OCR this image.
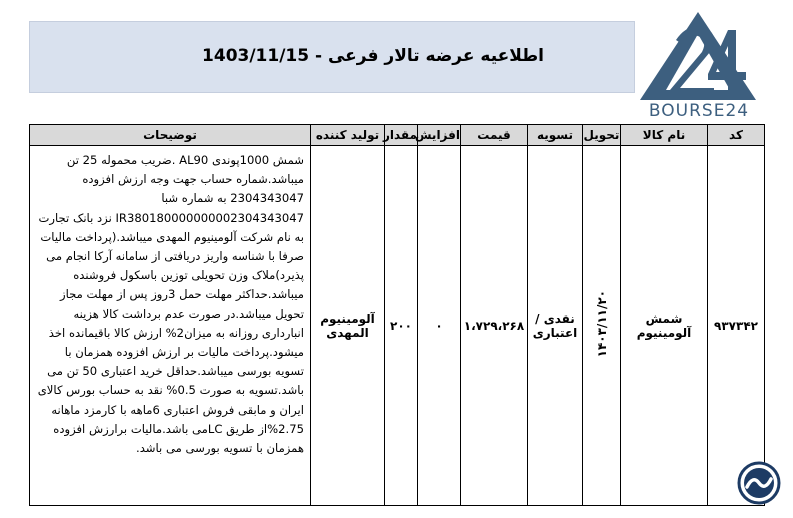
اطلاعیه عرضه تالار فرعی - 1403/11/15
BOURSE24
کد	نام کالا	تحویل	تسویه	قیمت	افزایش	مقدار	تولید کننده	توضیحات
۹۳۷۳۴۲	شمش آلومینیوم	۱۴۰۳/۱۱/۲۰	نقدی / اعتباری	۱،۷۲۹،۲۶۸	۰	۲۰۰	آلومینیوم المهدی	شمش 1000پوندی AL90 .ضریب محموله 25 تن میباشد.شماره حساب جهت وجه ارزش افزوده 2304343047 به شماره شبا IR380180000000002304343047 نزد بانک تجارت به نام شرکت آلومینیوم المهدی میباشد.(پرداخت مالیات صرفا با شناسه واریز دریافتی از سامانه آرکا انجام می پذیرد)ملاک وزن تحویلی توزین باسکول فروشنده میباشد.حداکثر مهلت حمل 3روز پس از مهلت مجاز تحویل میباشد.در صورت عدم برداشت کالا هزینه انبارداری روزانه به میزان2% ارزش کالا باقیمانده اخذ میشود.پرداخت مالیات بر ارزش افزوده همزمان با تسویه بورسی میباشد.حداقل خرید اعتباری 50 تن می باشد.تسویه به صورت 0.5% نقد به حساب بورس کالای ایران و مابقی فروش اعتباری 6ماهه با کارمزد ماهانه 2.75%از طریق LCمی باشد.مالیات برارزش افزوده همزمان با تسویه بورسی می باشد.
